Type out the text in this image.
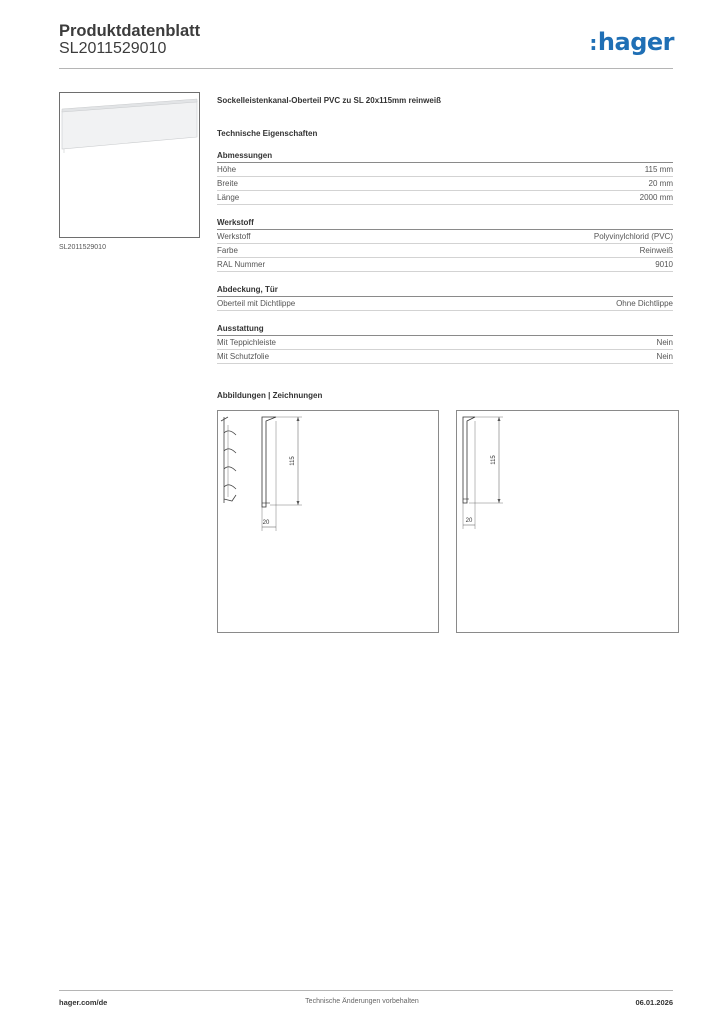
Produktdatenblatt
SL2011529010	:hager
SL2011529010
Sockelleistenkanal-Oberteil PVC zu SL 20x115mm reinweiß
Technische Eigenschaften
Abmessungen
Höhe	115 mm
Breite	20 mm
Länge	2000 mm
Werkstoff
Werkstoff	Polyvinylchlorid (PVC)
Farbe	Reinweiß
RAL Nummer	9010
Abdeckung, Tür
Oberteil mit Dichtlippe	Ohne Dichtlippe
Ausstattung
Mit Teppichleiste	Nein
Mit Schutzfolie	Nein
Abbildungen | Zeichnungen
115
20
115
20
hager.com/de	Technische Änderungen vorbehalten	06.01.2026
